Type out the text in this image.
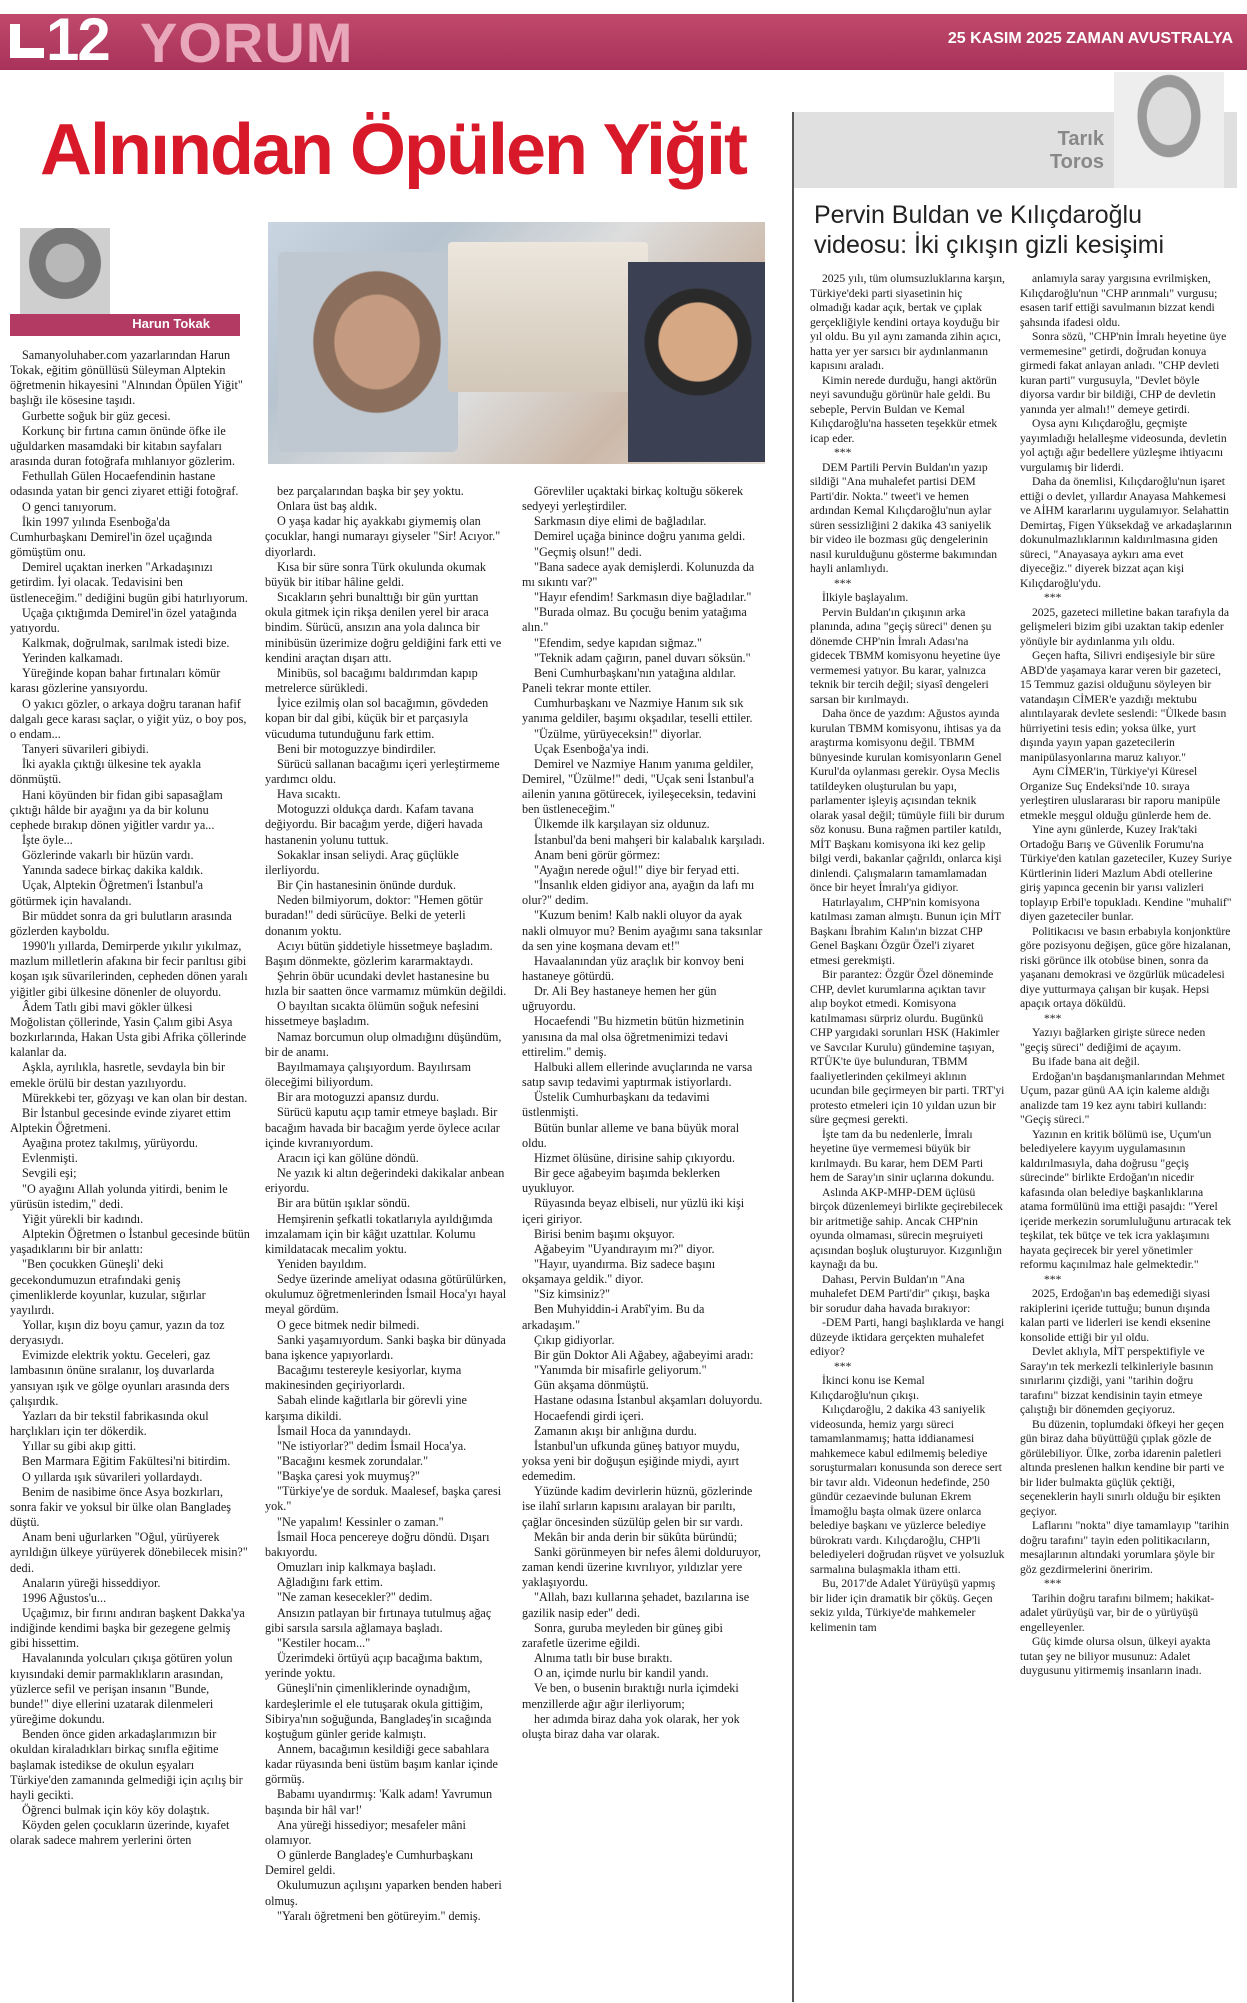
12 YORUM	25 KASIM 2025 ZAMAN AVUSTRALYA
Alnından Öpülen Yiğit
Harun Tokak

Samanyoluhaber.com yazarlarından Harun Tokak, eğitim gönüllüsü Süleyman Alptekin öğretmenin hikayesini "Alnından Öpülen Yiğit" başlığı ile kösesine taşıdı.

Gurbette soğuk bir güz gecesi.

Korkunç bir fırtına camın önünde öfke ile uğuldarken masamdaki bir kitabın sayfaları arasında duran fotoğrafa mıhlanıyor gözlerim.

Fethullah Gülen Hocaefendinin hastane odasında yatan bir genci ziyaret ettiği fotoğraf.

O genci tanıyorum.

İkin 1997 yılında Esenboğa'da Cumhurbaşkanı Demirel'in özel uçağında gömüştüm onu.

Demirel uçaktan inerken "Arkadaşınızı getirdim. İyi olacak. Tedavisini ben üstleneceğim." dediğini bugün gibi hatırlıyorum.

Uçağa çıktığımda Demirel'in özel yatağında yatıyordu.

Kalkmak, doğrulmak, sarılmak istedi bize.

Yerinden kalkamadı.

Yüreğinde kopan bahar fırtınaları kömür karası gözlerine yansıyordu.

O yakıcı gözler, o arkaya doğru taranan hafif dalgalı gece karası saçlar, o yiğit yüz, o boy pos, o endam...

Tanyeri süvarileri gibiydi.

İki ayakla çıktığı ülkesine tek ayakla dönmüştü.

Hani köyünden bir fidan gibi sapasağlam çıktığı hâlde bir ayağını ya da bir kolunu cephede bırakıp dönen yiğitler vardır ya...

İşte öyle...

Gözlerinde vakarlı bir hüzün vardı.

Yanında sadece birkaç dakika kaldık.

Uçak, Alptekin Öğretmen'i İstanbul'a götürmek için havalandı.

Bir müddet sonra da gri bulutların arasında gözlerden kayboldu.

1990'lı yıllarda, Demirperde yıkılır yıkılmaz, mazlum milletlerin afakına bir fecir parıltısı gibi koşan ışık süvarilerinden, cepheden dönen yaralı yiğitler gibi ülkesine dönenler de oluyordu.

Âdem Tatlı gibi mavi gökler ülkesi Moğolistan çöllerinde, Yasin Çalım gibi Asya bozkırlarında, Hakan Usta gibi Afrika çöllerinde kalanlar da.

Aşkla, ayrılıkla, hasretle, sevdayla bin bir emekle örülü bir destan yazılıyordu.

Mürekkebi ter, gözyaşı ve kan olan bir destan.

Bir İstanbul gecesinde evinde ziyaret ettim Alptekin Öğretmeni.

Ayağına protez takılmış, yürüyordu.

Evlenmişti.

Sevgili eşi;

"O ayağını Allah yolunda yitirdi, benim le yürüsün istedim," dedi.

Yiğit yürekli bir kadındı.

Alptekin Öğretmen o İstanbul gecesinde bütün yaşadıklarını bir bir anlattı:

"Ben çocukken Güneşli' deki gecekondumuzun etrafındaki geniş çimenliklerde koyunlar, kuzular, sığırlar yayılırdı.

Yollar, kışın diz boyu çamur, yazın da toz deryasıydı.

Evimizde elektrik yoktu. Geceleri, gaz lambasının önüne sıralanır, loş duvarlarda yansıyan ışık ve gölge oyunları arasında ders çalışırdık.

Yazları da bir tekstil fabrikasında okul harçlıkları için ter dökerdik.

Yıllar su gibi akıp gitti.

Ben Marmara Eğitim Fakültesi'ni bitirdim.

O yıllarda ışık süvarileri yollardaydı.

Benim de nasibime önce Asya bozkırları, sonra fakir ve yoksul bir ülke olan Bangladeş düştü.

Anam beni uğurlarken "Oğul, yürüyerek ayrıldığın ülkeye yürüyerek dönebilecek misin?" dedi.

Anaların yüreği hisseddiyor.

1996 Ağustos'u...

Uçağımız, bir fırını andıran başkent Dakka'ya indiğinde kendimi başka bir gezegene gelmiş gibi hissettim.

Havalanında yolcuları çıkışa götüren yolun kıyısındaki demir parmaklıkların arasından, yüzlerce sefil ve perişan insanın "Bunde, bunde!" diye ellerini uzatarak dilenmeleri yüreğime dokundu.

Benden önce giden arkadaşlarımızın bir okuldan kiraladıkları birkaç sınıfla eğitime başlamak istedikse de okulun eşyaları Türkiye'den zamanında gelmediği için açılış bir hayli gecikti.

Öğrenci bulmak için köy köy dolaştık.

Köyden gelen çocukların üzerinde, kıyafet olarak sadece mahrem yerlerini örten

bez parçalarından başka bir şey yoktu.

Onlara üst baş aldık.

O yaşa kadar hiç ayakkabı giymemiş olan çocuklar, hangi numarayı giyseler "Sir! Acıyor." diyorlardı.

Kısa bir süre sonra Türk okulunda okumak büyük bir itibar hâline geldi.

Sıcakların şehri bunalttığı bir gün yurttan okula gitmek için rikşa denilen yerel bir araca bindim. Sürücü, ansızın ana yola dalınca bir minibüsün üzerimize doğru geldiğini fark etti ve kendini araçtan dışarı attı.

Minibüs, sol bacağımı baldırımdan kapıp metrelerce sürükledi.

İyice ezilmiş olan sol bacağımın, gövdeden kopan bir dal gibi, küçük bir et parçasıyla vücuduma tutunduğunu fark ettim.

Beni bir motoguzzye bindirdiler.

Sürücü sallanan bacağımı içeri yerleştirmeme yardımcı oldu.

Hava sıcaktı.

Motoguzzi oldukça dardı. Kafam tavana değiyordu. Bir bacağım yerde, diğeri havada hastanenin yolunu tuttuk.

Sokaklar insan seliydi. Araç güçlükle ilerliyordu.

Bir Çin hastanesinin önünde durduk.

Neden bilmiyorum, doktor: "Hemen götür buradan!" dedi sürücüye. Belki de yeterli donanım yoktu.

Acıyı bütün şiddetiyle hissetmeye başladım. Başım dönmekte, gözlerim kararmaktaydı.

Şehrin öbür ucundaki devlet hastanesine bu hızla bir saatten önce varmamız mümkün değildi.

O bayıltan sıcakta ölümün soğuk nefesini hissetmeye başladım.

Namaz borcumun olup olmadığını düşündüm, bir de anamı.

Bayılmamaya çalışıyordum. Bayılırsam öleceğimi biliyordum.

Bir ara motoguzzi apansız durdu.

Sürücü kaputu açıp tamir etmeye başladı. Bir bacağım havada bir bacağım yerde öylece acılar içinde kıvranıyordum.

Aracın içi kan gölüne döndü.

Ne yazık ki altın değerindeki dakikalar anbean eriyordu.

Bir ara bütün ışıklar söndü.

Hemşirenin şefkatli tokatlarıyla ayıldığımda imzalamam için bir kâğıt uzattılar. Kolumu kimildatacak mecalim yoktu.

Yeniden bayıldım.

Sedye üzerinde ameliyat odasına götürülürken, okulumuz öğretmenlerinden İsmail Hoca'yı hayal meyal gördüm.

O gece bitmek nedir bilmedi.

Sanki yaşamıyordum. Sanki başka bir dünyada bana işkence yapıyorlardı.

Bacağımı testereyle kesiyorlar, kıyma makinesinden geçiriyorlardı.

Sabah elinde kağıtlarla bir görevli yine karşıma dikildi.

İsmail Hoca da yanındaydı.

"Ne istiyorlar?" dedim İsmail Hoca'ya.

"Bacağını kesmek zorundalar."

"Başka çaresi yok muymuş?"

"Türkiye'ye de sorduk. Maalesef, başka çaresi yok."

"Ne yapalım! Kessinler o zaman."

İsmail Hoca pencereye doğru döndü. Dışarı bakıyordu.

Omuzları inip kalkmaya başladı.

Ağladığını fark ettim.

"Ne zaman kesecekler?" dedim.

Ansızın patlayan bir fırtınaya tutulmuş ağaç gibi sarsıla sarsıla ağlamaya başladı.

"Kestiler hocam..."

Üzerimdeki örtüyü açıp bacağıma baktım, yerinde yoktu.

Güneşli'nin çimenliklerinde oynadığım, kardeşlerimle el ele tutuşarak okula gittiğim, Sibirya'nın soğuğunda, Bangladeş'in sıcağında koştuğum günler geride kalmıştı.

Annem, bacağımın kesildiği gece sabahlara kadar rüyasında beni üstüm başım kanlar içinde görmüş.

Babamı uyandırmış: 'Kalk adam! Yavrumun başında bir hâl var!'

Ana yüreği hissediyor; mesafeler mâni olamıyor.

O günlerde Bangladeş'e Cumhurbaşkanı Demirel geldi.

Okulumuzun açılışını yaparken benden haberi olmuş.

"Yaralı öğretmeni ben götüreyim." demiş.

Görevliler uçaktaki birkaç koltuğu sökerek sedyeyi yerleştirdiler.

Sarkmasın diye elimi de bağladılar.

Demirel uçağa binince doğru yanıma geldi.

"Geçmiş olsun!" dedi.

"Bana sadece ayak demişlerdi. Kolunuzda da mı sıkıntı var?"

"Hayır efendim! Sarkmasın diye bağladılar."

"Burada olmaz. Bu çocuğu benim yatağıma alın."

"Efendim, sedye kapıdan sığmaz."

"Teknik adam çağırın, panel duvarı söksün."

Beni Cumhurbaşkanı'nın yatağına aldılar. Paneli tekrar monte ettiler.

Cumhurbaşkanı ve Nazmiye Hanım sık sık yanıma geldiler, başımı okşadılar, teselli ettiler.

"Üzülme, yürüyeceksin!" diyorlar.

Uçak Esenboğa'ya indi.

Demirel ve Nazmiye Hanım yanıma geldiler, Demirel, "Üzülme!" dedi, "Uçak seni İstanbul'a ailenin yanına götürecek, iyileşeceksin, tedavini ben üstleneceğim."

Ülkemde ilk karşılayan siz oldunuz.

İstanbul'da beni mahşeri bir kalabalık karşıladı.

Anam beni görür görmez:

"Ayağın nerede oğul!" diye bir feryad etti.

"İnsanlık elden gidiyor ana, ayağın da lafı mı olur?" dedim.

"Kuzum benim! Kalb nakli oluyor da ayak nakli olmuyor mu? Benim ayağımı sana taksınlar da sen yine koşmana devam et!"

Havaalanından yüz araçlık bir konvoy beni hastaneye götürdü.

Dr. Ali Bey hastaneye hemen her gün uğruyordu.

Hocaefendi "Bu hizmetin bütün hizmetinin yanısına da mal olsa öğretmenimizi tedavi ettirelim." demiş.

Halbuki allem ellerinde avuçlarında ne varsa satıp savıp tedavimi yaptırmak istiyorlardı.

Üstelik Cumhurbaşkanı da tedavimi üstlenmişti.

Bütün bunlar alleme ve bana büyük moral oldu.

Hizmet ölüsüne, dirisine sahip çıkıyordu.

Bir gece ağabeyim başımda beklerken uyukluyor.

Rüyasında beyaz elbiseli, nur yüzlü iki kişi içeri giriyor.

Birisi benim başımı okşuyor.

Ağabeyim "Uyandırayım mı?" diyor.

"Hayır, uyandırma. Biz sadece başını okşamaya geldik." diyor.

"Siz kimsiniz?"

Ben Muhyiddin-i Arabî'yim. Bu da arkadaşım."

Çıkıp gidiyorlar.

Bir gün Doktor Ali Ağabey, ağabeyimi aradı:

"Yanımda bir misafirle geliyorum."

Gün akşama dönmüştü.

Hastane odasına İstanbul akşamları doluyordu.

Hocaefendi girdi içeri.

Zamanın akışı bir anlığına durdu.

İstanbul'un ufkunda güneş batıyor muydu, yoksa yeni bir doğuşun eşiğinde miydi, ayırt edemedim.

Yüzünde kadim devirlerin hüznü, gözlerinde ise ilahî sırların kapısını aralayan bir parıltı, çağlar öncesinden süzülüp gelen bir sır vardı.

Mekân bir anda derin bir sükûta büründü;

Sanki görünmeyen bir nefes âlemi dolduruyor, zaman kendi üzerine kıvrılıyor, yıldızlar yere yaklaşıyordu.

"Allah, bazı kullarına şehadet, bazılarına ise gazilik nasip eder" dedi.

Sonra, guruba meyleden bir güneş gibi zarafetle üzerime eğildi.

Alnıma tatlı bir buse bıraktı.

O an, içimde nurlu bir kandil yandı.

Ve ben, o busenin bıraktığı nurla içimdeki menzillerde ağır ağır ilerliyorum;

her adımda biraz daha yok olarak, her yok oluşta biraz daha var olarak.

Tarık Toros
Pervin Buldan ve Kılıçdaroğlu videosu: İki çıkışın gizli kesişimi

2025 yılı, tüm olumsuzluklarına karşın, Türkiye'deki parti siyasetinin hiç olmadığı kadar açık, bertak ve çıplak gerçekliğiyle kendini ortaya koyduğu bir yıl oldu. Bu yıl aynı zamanda zihin açıcı, hatta yer yer sarsıcı bir aydınlanmanın kapısını araladı.

Kimin nerede durduğu, hangi aktörün neyi savunduğu görünür hale geldi. Bu sebeple, Pervin Buldan ve Kemal Kılıçdaroğlu'na hasseten teşekkür etmek icap eder.

***

DEM Partili Pervin Buldan'ın yazıp sildiği "Ana muhalefet partisi DEM Parti'dir. Nokta." tweet'i ve hemen ardından Kemal Kılıçdaroğlu'nun aylar süren sessizliğini 2 dakika 43 saniyelik bir video ile bozması güç dengelerinin nasıl kurulduğunu gösterme bakımından hayli anlamlıydı.

***

İlkiyle başlayalım.

Pervin Buldan'ın çıkışının arka planında, adına "geçiş süreci" denen şu dönemde CHP'nin İmralı Adası'na gidecek TBMM komisyonu heyetine üye vermemesi yatıyor. Bu karar, yalnızca teknik bir tercih değil; siyasî dengeleri sarsan bir kırılmaydı.

Daha önce de yazdım: Ağustos ayında kurulan TBMM komisyonu, ihtisas ya da araştırma komisyonu değil. TBMM bünyesinde kurulan komisyonların Genel Kurul'da oylanması gerekir. Oysa Meclis tatildeyken oluşturulan bu yapı, parlamenter işleyiş açısından teknik olarak yasal değil; tümüyle fiili bir durum söz konusu. Buna rağmen partiler katıldı, MİT Başkanı komisyona iki kez gelip bilgi verdi, bakanlar çağrıldı, onlarca kişi dinlendi. Çalışmaların tamamlamadan önce bir heyet İmralı'ya gidiyor.

Hatırlayalım, CHP'nin komisyona katılması zaman almıştı. Bunun için MİT Başkanı İbrahim Kalın'ın bizzat CHP Genel Başkanı Özgür Özel'i ziyaret etmesi gerekmişti.

Bir parantez: Özgür Özel döneminde CHP, devlet kurumlarına açıktan tavır alıp boykot etmedi. Komisyona katılmaması sürpriz olurdu. Bugünkü CHP yargıdaki sorunları HSK (Hakimler ve Savcılar Kurulu) gündemine taşıyan, RTÜK'te üye bulunduran, TBMM faaliyetlerinden çekilmeyi aklının ucundan bile geçirmeyen bir parti. TRT'yi protesto etmeleri için 10 yıldan uzun bir süre geçmesi gerekti.

İşte tam da bu nedenlerle, İmralı heyetine üye vermemesi büyük bir kırılmaydı. Bu karar, hem DEM Parti hem de Saray'ın sinir uçlarına dokundu.

Aslında AKP-MHP-DEM üçlüsü birçok düzenlemeyi birlikte geçirebilecek bir aritmetiğe sahip. Ancak CHP'nin oyunda olmaması, sürecin meşruiyeti açısından boşluk oluşturuyor. Kızgınlığın kaynağı da bu.

Dahası, Pervin Buldan'ın "Ana muhalefet DEM Parti'dir" çıkışı, başka bir sorudur daha havada bırakıyor:

-DEM Parti, hangi başlıklarda ve hangi düzeyde iktidara gerçekten muhalefet ediyor?

***

İkinci konu ise Kemal Kılıçdaroğlu'nun çıkışı.

Kılıçdaroğlu, 2 dakika 43 saniyelik videosunda, hemiz yargı süreci tamamlanmamış; hatta iddianamesi mahkemece kabul edilmemiş belediye soruşturmaları konusunda son derece sert bir tavır aldı. Videonun hedefinde, 250 gündür cezaevinde bulunan Ekrem İmamoğlu başta olmak üzere onlarca belediye başkanı ve yüzlerce belediye bürokratı vardı. Kılıçdaroğlu, CHP'li belediyeleri doğrudan rüşvet ve yolsuzluk sarmalına bulaşmakla itham etti.

Bu, 2017'de Adalet Yürüyüşü yapmış bir lider için dramatik bir çöküş. Geçen sekiz yılda, Türkiye'de mahkemeler kelimenin tam

anlamıyla saray yargısına evrilmişken, Kılıçdaroğlu'nun "CHP arınmalı" vurgusu; esasen tarif ettiği savulmanın bizzat kendi şahsında ifadesi oldu.

Sonra sözü, "CHP'nin İmralı heyetine üye vermemesine" getirdi, doğrudan konuya girmedi fakat anlayan anladı. "CHP devleti kuran parti" vurgusuyla, "Devlet böyle diyorsa vardır bir bildiği, CHP de devletin yanında yer almalı!" demeye getirdi.

Oysa aynı Kılıçdaroğlu, geçmişte yayımladığı helalleşme videosunda, devletin yol açtığı ağır bedellere yüzleşme ihtiyacını vurgulamış bir liderdi.

Daha da önemlisi, Kılıçdaroğlu'nun işaret ettiği o devlet, yıllardır Anayasa Mahkemesi ve AİHM kararlarını uygulamıyor. Selahattin Demirtaş, Figen Yüksekdağ ve arkadaşlarının dokunulmazlıklarının kaldırılmasına giden süreci, "Anayasaya aykırı ama evet diyeceğiz." diyerek bizzat açan kişi Kılıçdaroğlu'ydu.

***

2025, gazeteci milletine bakan tarafıyla da gelişmeleri bizim gibi uzaktan takip edenler yönüyle bir aydınlanma yılı oldu.

Geçen hafta, Silivri endişesiyle bir süre ABD'de yaşamaya karar veren bir gazeteci, 15 Temmuz gazisi olduğunu söyleyen bir vatandaşın CİMER'e yazdığı mektubu alıntılayarak devlete seslendi: "Ülkede basın hürriyetini tesis edin; yoksa ülke, yurt dışında yayın yapan gazetecilerin manipülasyonlarına maruz kalıyor."

Aynı CİMER'in, Türkiye'yi Küresel Organize Suç Endeksi'nde 10. sıraya yerleştiren uluslararası bir raporu manipüle etmekle meşgul olduğu günlerde hem de.

Yine aynı günlerde, Kuzey Irak'taki Ortadoğu Barış ve Güvenlik Forumu'na Türkiye'den katılan gazeteciler, Kuzey Suriye Kürtlerinin lideri Mazlum Abdi otellerine giriş yapınca gecenin bir yarısı valizleri toplayıp Erbil'e topukladı. Kendine "muhalif" diyen gazeteciler bunlar.

Politikacısı ve basın erbabıyla konjonktüre göre pozisyonu değişen, güce göre hizalanan, riski görünce ilk otobüse binen, sonra da yaşananı demokrasi ve özgürlük mücadelesi diye yutturmaya çalışan bir kuşak. Hepsi apaçık ortaya döküldü.

***

Yazıyı bağlarken girişte sürece neden "geçiş süreci" dediğimi de açayım.

Bu ifade bana ait değil.

Erdoğan'ın başdanışmanlarından Mehmet Uçum, pazar günü AA için kaleme aldığı analizde tam 19 kez aynı tabiri kullandı: "Geçiş süreci."

Yazının en kritik bölümü ise, Uçum'un belediyelere kayyım uygulamasının kaldırılmasıyla, daha doğrusu "geçiş sürecinde" birlikte Erdoğan'ın nicedir kafasında olan belediye başkanlıklarına atama formülünü ima ettiği pasajdı: "Yerel içeride merkezin sorumluluğunu artıracak tek teşkilat, tek bütçe ve tek icra yaklaşımını hayata geçirecek bir yerel yönetimler reformu kaçınılmaz hale gelmektedir."

***

2025, Erdoğan'ın baş edemediği siyasi rakiplerini içeride tuttuğu; bunun dışında kalan parti ve liderleri ise kendi eksenine konsolide ettiği bir yıl oldu.

Devlet aklıyla, MİT perspektifiyle ve Saray'ın tek merkezli telkinleriyle basının sınırlarını çizdiği, yani "tarihin doğru tarafını" bizzat kendisinin tayin etmeye çalıştığı bir dönemden geçiyoruz.

Bu düzenin, toplumdaki öfkeyi her geçen gün biraz daha büyüttüğü çıplak gözle de görülebiliyor. Ülke, zorba idarenin paletleri altında preslenen halkın kendine bir parti ve bir lider bulmakta güçlük çektiği, seçeneklerin hayli sınırlı olduğu bir eşikten geçiyor.

Laflarını "nokta" diye tamamlayıp "tarihin doğru tarafını" tayin eden politikacıların, mesajlarının altındaki yorumlara şöyle bir göz gezdirmelerini öneririm.

***

Tarihin doğru tarafını bilmem; hakikat-adalet yürüyüşü var, bir de o yürüyüşü engelleyenler.

Güç kimde olursa olsun, ülkeyi ayakta tutan şey ne biliyor musunuz: Adalet duygusunu yitirmemiş insanların inadı.
